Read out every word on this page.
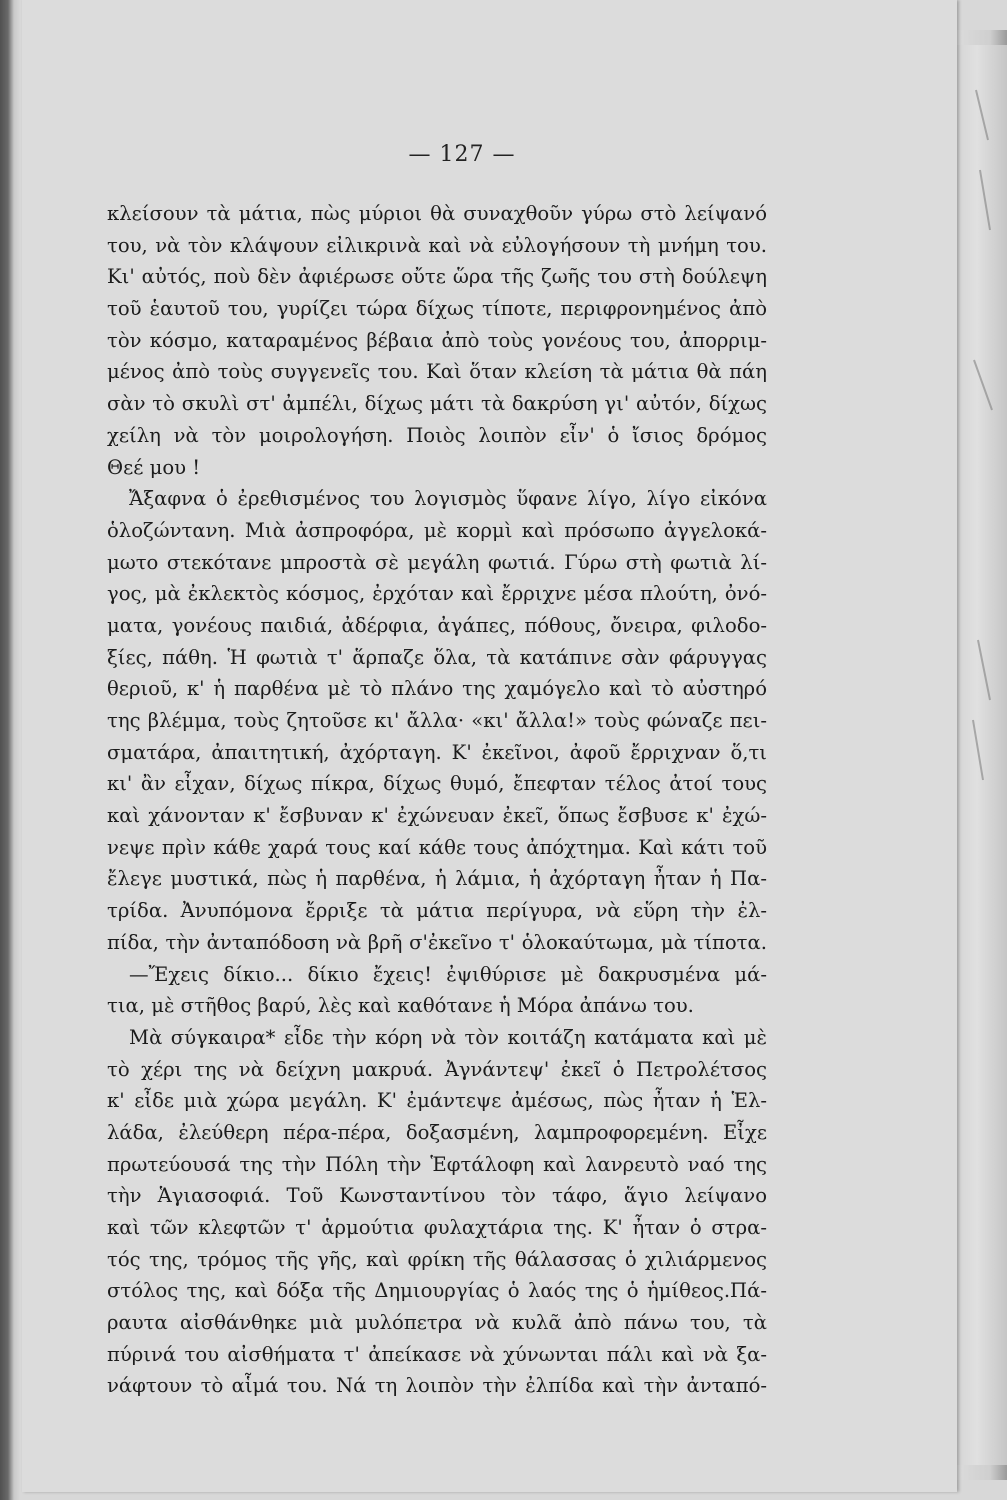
— 127 —
κλείσουν τὰ μάτια, πὼς μύριοι θὰ συναχθοῦν γύρω στὸ λείψανό
του, νὰ τὸν κλάψουν εἰλικρινὰ καὶ νὰ εὐλογήσουν τὴ μνήμη του.
Κι' αὐτός, ποὺ δὲν ἀφιέρωσε οὔτε ὥρα τῆς ζωῆς του στὴ δούλεψη
τοῦ ἑαυτοῦ του, γυρίζει τώρα δίχως τίποτε, περιφρονημένος ἀπὸ
τὸν κόσμο, καταραμένος βέβαια ἀπὸ τοὺς γονέους του, ἀπορριμ-
μένος ἀπὸ τοὺς συγγενεῖς του. Καὶ ὅταν κλείση τὰ μάτια θὰ πάη
σὰν τὸ σκυλὶ στ' ἀμπέλι, δίχως μάτι τὰ δακρύση γι' αὐτόν, δίχως
χείλη νὰ τὸν μοιρολογήση. Ποιὸς λοιπὸν εἶν' ὁ ἴσιος δρόμος
Θεέ μου !
Ἄξαφνα ὁ ἐρεθισμένος του λογισμὸς ὕφανε λίγο, λίγο εἰκόνα
ὁλοζώντανη. Μιὰ ἀσπροφόρα, μὲ κορμὶ καὶ πρόσωπο ἀγγελοκά-
μωτο στεκότανε μπροστὰ σὲ μεγάλη φωτιά. Γύρω στὴ φωτιὰ λί-
γος, μὰ ἐκλεκτὸς κόσμος, ἐρχόταν καὶ ἔρριχνε μέσα πλούτη, ὀνό-
ματα, γονέους παιδιά, ἀδέρφια, ἀγάπες, πόθους, ὄνειρα, φιλοδο-
ξίες, πάθη. Ἡ φωτιὰ τ' ἅρπαζε ὅλα, τὰ κατάπινε σὰν φάρυγγας
θεριοῦ, κ' ἡ παρθένα μὲ τὸ πλάνο της χαμόγελο καὶ τὸ αὐστηρό
της βλέμμα, τοὺς ζητοῦσε κι' ἄλλα· «κι' ἄλλα!» τοὺς φώναζε πει-
σματάρα, ἀπαιτητική, ἀχόρταγη. Κ' ἐκεῖνοι, ἀφοῦ ἔρριχναν ὅ,τι
κι' ἂν εἶχαν, δίχως πίκρα, δίχως θυμό, ἔπεφταν τέλος ἀτοί τους
καὶ χάνονταν κ' ἔσβυναν κ' ἐχώνευαν ἐκεῖ, ὅπως ἔσβυσε κ' ἐχώ-
νεψε πρὶν κάθε χαρά τους καί κάθε τους ἀπόχτημα. Καὶ κάτι τοῦ
ἔλεγε μυστικά, πὼς ἡ παρθένα, ἡ λάμια, ἡ ἀχόρταγη ἦταν ἡ Πα-
τρίδα. Ἀνυπόμονα ἔρριξε τὰ μάτια περίγυρα, νὰ εὕρη τὴν ἐλ-
πίδα, τὴν ἀνταπόδοση νὰ βρῆ σ'ἐκεῖνο τ' ὁλοκαύτωμα, μὰ τίποτα.
—Ἔχεις δίκιο... δίκιο ἔχεις! ἐψιθύρισε μὲ δακρυσμένα μά-
τια, μὲ στῆθος βαρύ, λὲς καὶ καθότανε ἡ Μόρα ἀπάνω του.
Μὰ σύγκαιρα* εἶδε τὴν κόρη νὰ τὸν κοιτάζη κατάματα καὶ μὲ
τὸ χέρι της νὰ δείχνη μακρυά. Ἀγνάντεψ' ἐκεῖ ὁ Πετρολέτσος
κ' εἶδε μιὰ χώρα μεγάλη. Κ' ἐμάντεψε ἀμέσως, πὼς ἦταν ἡ Ἑλ-
λάδα, ἐλεύθερη πέρα-πέρα, δοξασμένη, λαμπροφορεμένη. Εἶχε
πρωτεύουσά της τὴν Πόλη τὴν Ἑφτάλοφη καὶ λανρευτὸ ναό της
τὴν Ἁγιασοφιά. Τοῦ Κωνσταντίνου τὸν τάφο, ἅγιο λείψανο
καὶ τῶν κλεφτῶν τ' ἁρμούτια φυλαχτάρια της. Κ' ἦταν ὁ στρα-
τός της, τρόμος τῆς γῆς, καὶ φρίκη τῆς θάλασσας ὁ χιλιάρμενος
στόλος της, καὶ δόξα τῆς Δημιουργίας ὁ λαός της ὁ ἡμίθεος.Πά-
ραυτα αἰσθάνθηκε μιὰ μυλόπετρα νὰ κυλᾶ ἀπὸ πάνω του, τὰ
πύρινά του αἰσθήματα τ' ἀπείκασε νὰ χύνωνται πάλι καὶ νὰ ξα-
νάφτουν τὸ αἷμά του. Νά τη λοιπὸν τὴν ἐλπίδα καὶ τὴν ἀνταπό-
